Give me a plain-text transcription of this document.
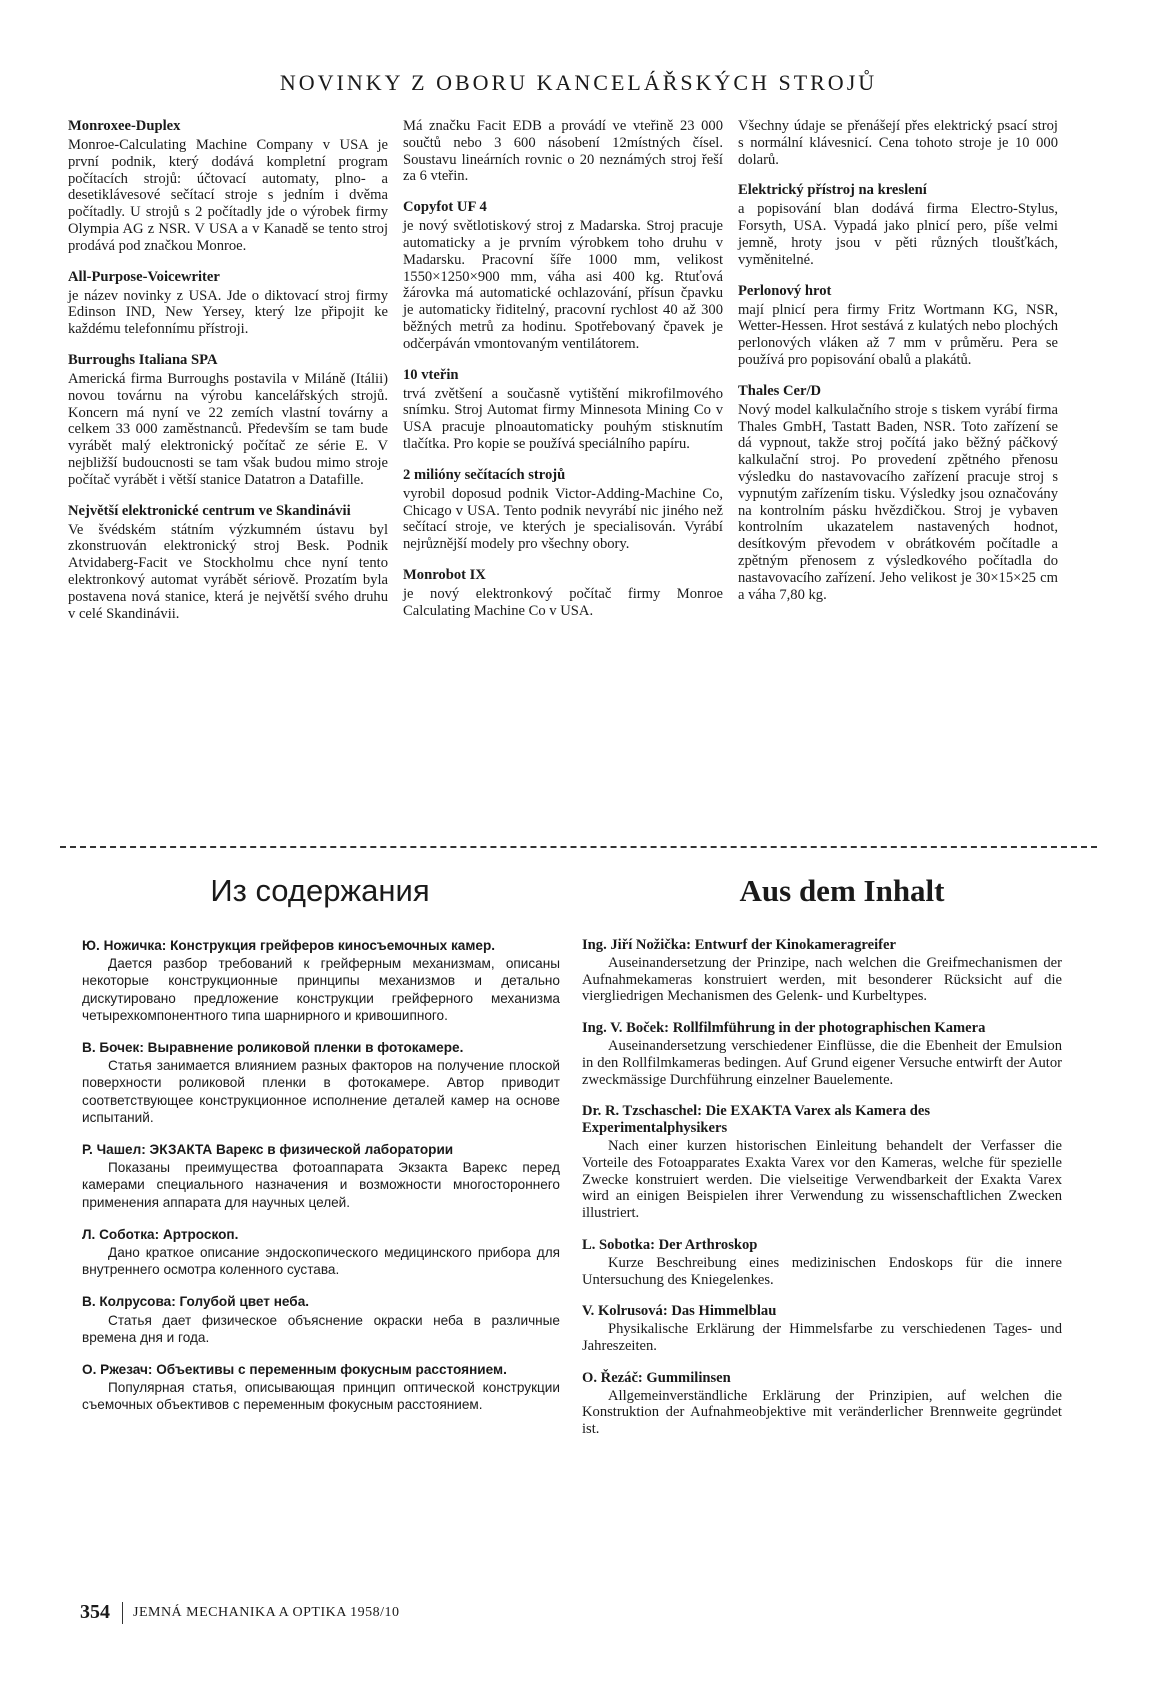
NOVINKY Z OBORU KANCELÁŘSKÝCH STROJŮ
Monroxee-Duplex

Monroe-Calculating Machine Company v USA je první podnik, který dodává kompletní program počítacích strojů: účtovací automaty, plno- a desetiklávesové sečítací stroje s jedním i dvěma počítadly. U strojů s 2 počítadly jde o výrobek firmy Olympia AG z NSR. V USA a v Kanadě se tento stroj prodává pod značkou Monroe.

All-Purpose-Voicewriter

je název novinky z USA. Jde o diktovací stroj firmy Edinson IND, New Yersey, který lze připojit ke každému telefonnímu přístroji.

Burroughs Italiana SPA

Americká firma Burroughs postavila v Miláně (Itálii) novou továrnu na výrobu kancelářských strojů. Koncern má nyní ve 22 zemích vlastní továrny a celkem 33 000 zaměstnanců. Především se tam bude vyrábět malý elektronický počítač ze série E. V nejbližší budoucnosti se tam však budou mimo stroje počítač vyrábět i větší stanice Datatron a Datafille.

Největší elektronické centrum ve Skandinávii

Ve švédském státním výzkumném ústavu byl zkonstruován elektronický stroj Besk. Podnik Atvidaberg-Facit ve Stockholmu chce nyní tento elektronkový automat vyrábět sériově. Prozatím byla postavena nová stanice, která je největší svého druhu v celé Skandinávii.

Má značku Facit EDB a provádí ve vteřině 23 000 součtů nebo 3 600 násobení 12místných čísel. Soustavu lineárních rovnic o 20 neznámých stroj řeší za 6 vteřin.

Copyfot UF 4

je nový světlotiskový stroj z Madarska. Stroj pracuje automaticky a je prvním výrobkem toho druhu v Madarsku. Pracovní šíře 1000 mm, velikost 1550×1250×900 mm, váha asi 400 kg. Rtuťová žárovka má automatické ochlazování, přísun čpavku je automaticky řiditelný, pracovní rychlost 40 až 300 běžných metrů za hodinu. Spotřebovaný čpavek je odčerpáván vmontovaným ventilátorem.

10 vteřin

trvá zvětšení a současně vytištění mikrofilmového snímku. Stroj Automat firmy Minnesota Mining Co v USA pracuje plnoautomaticky pouhým stisknutím tlačítka. Pro kopie se používá speciálního papíru.

2 milióny sečítacích strojů

vyrobil doposud podnik Victor-Adding-Machine Co, Chicago v USA. Tento podnik nevyrábí nic jiného než sečítací stroje, ve kterých je specialisován. Vyrábí nejrůznější modely pro všechny obory.

Monrobot IX

je nový elektronkový počítač firmy Monroe Calculating Machine Co v USA.

Všechny údaje se přenášejí přes elektrický psací stroj s normální klávesnicí. Cena tohoto stroje je 10 000 dolarů.

Elektrický přístroj na kreslení

a popisování blan dodává firma Electro-Stylus, Forsyth, USA. Vypadá jako plnicí pero, píše velmi jemně, hroty jsou v pěti různých tloušťkách, vyměnitelné.

Perlonový hrot

mají plnicí pera firmy Fritz Wortmann KG, NSR, Wetter-Hessen. Hrot sestává z kulatých nebo plochých perlonových vláken až 7 mm v průměru. Pera se používá pro popisování obalů a plakátů.

Thales Cer/D

Nový model kalkulačního stroje s tiskem vyrábí firma Thales GmbH, Tastatt Baden, NSR. Toto zařízení se dá vypnout, takže stroj počítá jako běžný páčkový kalkulační stroj. Po provedení zpětného přenosu výsledku do nastavovacího zařízení pracuje stroj s vypnutým zařízením tisku. Výsledky jsou označovány na kontrolním pásku hvězdičkou. Stroj je vybaven kontrolním ukazatelem nastavených hodnot, desítkovým převodem v obrátkovém počítadle a zpětným přenosem z výsledkového počítadla do nastavovacího zařízení. Jeho velikost je 30×15×25 cm a váha 7,80 kg.

Из содержания	Aus dem Inhalt

Ю. Ножичка: Конструкция грейферов киносъемочных камер.

Дается разбор требований к грейферным механизмам, описаны некоторые конструкционные принципы механизмов и детально дискутировано предложение конструкции грейферного механизма четырехкомпонентного типа шарнирного и кривошипного.

В. Бочек: Выравнение роликовой пленки в фотокамере.

Статья занимается влиянием разных факторов на получение плоской поверхности роликовой пленки в фотокамере. Автор приводит соответствующее конструкционное исполнение деталей камер на основе испытаний.

Р. Чашел: ЭКЗАКТА Варекс в физической лаборатории

Показаны преимущества фотоаппарата Экзакта Варекс перед камерами специального назначения и возможности многостороннего применения аппарата для научных целей.

Л. Соботка: Артроскоп.

Дано краткое описание эндоскопического медицинского прибора для внутреннего осмотра коленного сустава.

В. Колрусова: Голубой цвет неба.

Статья дает физическое объяснение окраски неба в различные времена дня и года.

О. Ржезач: Объективы с переменным фокусным расстоянием.

Популярная статья, описывающая принцип оптической конструкции съемочных объективов с переменным фокусным расстоянием.

Ing. Jiří Nožička: Entwurf der Kinokameragreifer

Auseinandersetzung der Prinzipe, nach welchen die Greifmechanismen der Aufnahmekameras konstruiert werden, mit besonderer Rücksicht auf die viergliedrigen Mechanismen des Gelenk- und Kurbeltypes.

Ing. V. Boček: Rollfilmführung in der photographischen Kamera

Auseinandersetzung verschiedener Einflüsse, die die Ebenheit der Emulsion in den Rollfilmkameras bedingen. Auf Grund eigener Versuche entwirft der Autor zweckmässige Durchführung einzelner Bauelemente.

Dr. R. Tzschaschel: Die EXAKTA Varex als Kamera des Experimentalphysikers

Nach einer kurzen historischen Einleitung behandelt der Verfasser die Vorteile des Fotoapparates Exakta Varex vor den Kameras, welche für spezielle Zwecke konstruiert werden. Die vielseitige Verwendbarkeit der Exakta Varex wird an einigen Beispielen ihrer Verwendung zu wissenschaftlichen Zwecken illustriert.

L. Sobotka: Der Arthroskop

Kurze Beschreibung eines medizinischen Endoskops für die innere Untersuchung des Kniegelenkes.

V. Kolrusová: Das Himmelblau

Physikalische Erklärung der Himmelsfarbe zu verschiedenen Tages- und Jahreszeiten.

O. Řezáč: Gummilinsen

Allgemeinverständliche Erklärung der Prinzipien, auf welchen die Konstruktion der Aufnahmeobjektive mit veränderlicher Brennweite gegründet ist.

354 JEMNÁ MECHANIKA A OPTIKA 1958/10
